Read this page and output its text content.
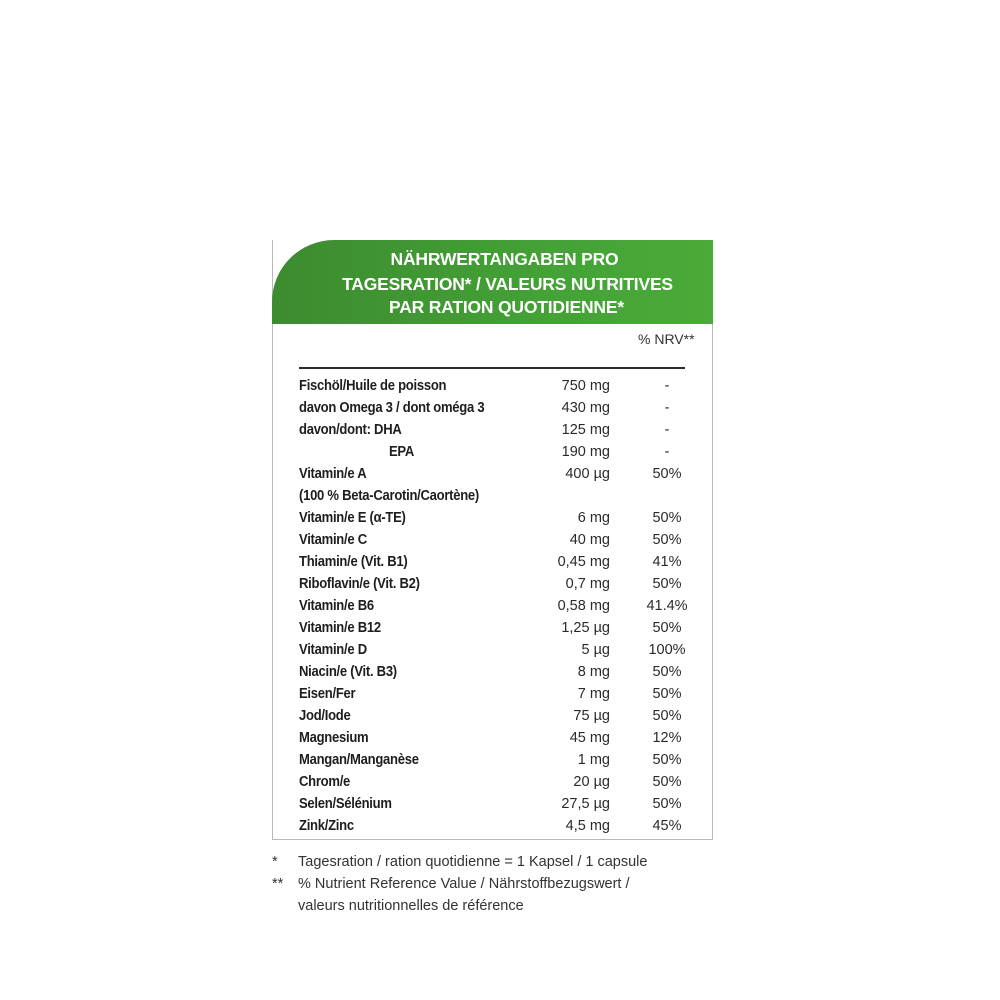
NÄHRWERTANGABEN PRO
TAGESRATION* / VALEURS NUTRITIVES
PAR RATION QUOTIDIENNE*
% NRV**
Fischöl/Huile de poisson	750 mg	-
davon Omega 3 / dont oméga 3	430 mg	-
davon/dont: DHA	125 mg	-
EPA	190 mg	-
Vitamin/e A	400 µg	50%
(100 % Beta-Carotin/Caortène)
Vitamin/e E (α-TE)	6 mg	50%
Vitamin/e C	40 mg	50%
Thiamin/e (Vit. B1)	0,45 mg	41%
Riboflavin/e (Vit. B2)	0,7 mg	50%
Vitamin/e B6	0,58 mg	41.4%
Vitamin/e B12	1,25 µg	50%
Vitamin/e D	5 µg	100%
Niacin/e (Vit. B3)	8 mg	50%
Eisen/Fer	7 mg	50%
Jod/Iode	75 µg	50%
Magnesium	45 mg	12%
Mangan/Manganèse	1 mg	50%
Chrom/e	20 µg	50%
Selen/Sélénium	27,5 µg	50%
Zink/Zinc	4,5 mg	45%
* Tagesration / ration quotidienne = 1 Kapsel / 1 capsule
** % Nutrient Reference Value / Nährstoffbezugswert /
valeurs nutritionnelles de référence
